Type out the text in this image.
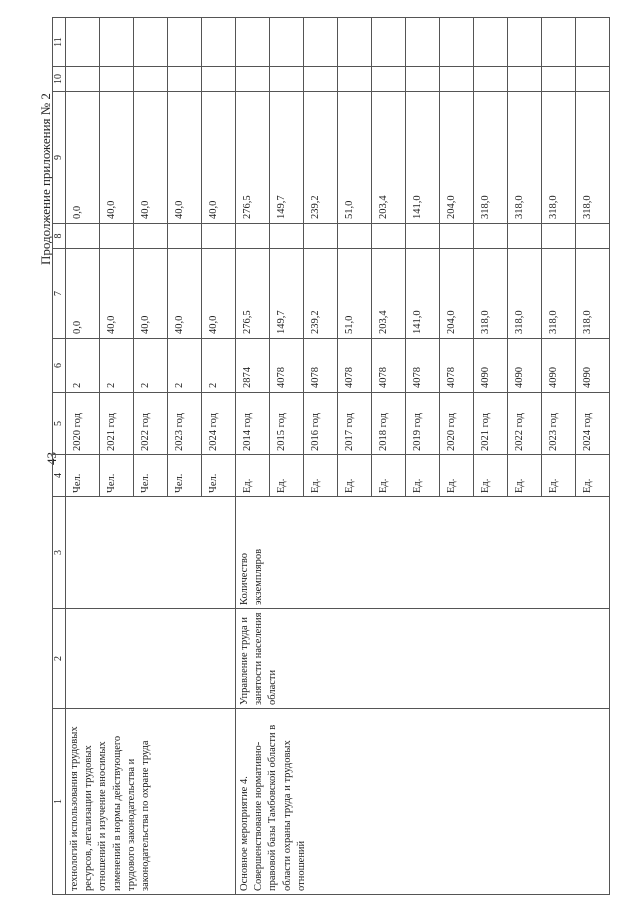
43
Продолжение приложения № 2
1	2	3	4	5	6	7	8	9	10	11
технологий использования трудовых ресурсов, легализации трудовых отношений и изучение вносимых изменений в нормы действующего трудового законодательства и законодательства по охране труда			Чел.	2020 год	2	0,0		0,0		
			Чел.	2021 год	2	40,0		40,0		
			Чел.	2022 год	2	40,0		40,0		
			Чел.	2023 год	2	40,0		40,0		
			Чел.	2024 год	2	40,0		40,0		
Основное мероприятие 4. Совершенствование нормативно-правовой базы Тамбовской области в области охраны труда и трудовых отношений	Управление труда и занятости населения области	Количество экземпляров	Ед.	2014 год	2874	276,5		276,5		
			Ед.	2015 год	4078	149,7		149,7		
			Ед.	2016 год	4078	239,2		239,2		
			Ед.	2017 год	4078	51,0		51,0		
			Ед.	2018 год	4078	203,4		203,4		
			Ед.	2019 год	4078	141,0		141,0		
			Ед.	2020 год	4078	204,0		204,0		
			Ед.	2021 год	4090	318,0		318,0		
			Ед.	2022 год	4090	318,0		318,0		
			Ед.	2023 год	4090	318,0		318,0		
			Ед.	2024 год	4090	318,0		318,0		
